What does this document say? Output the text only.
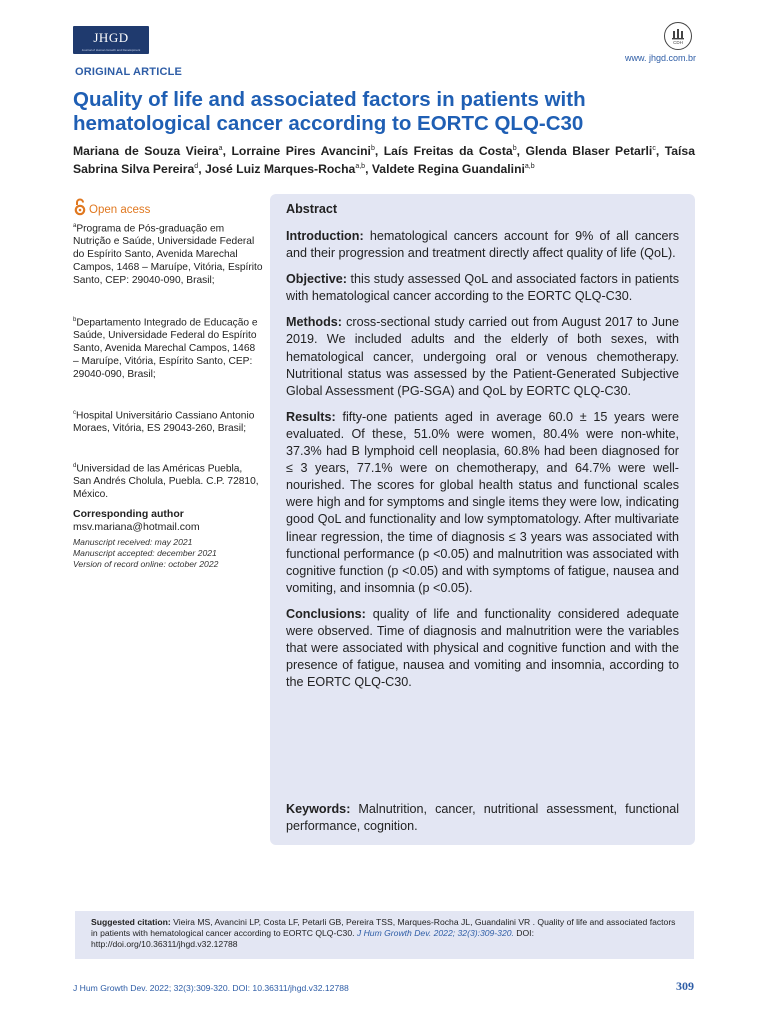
JHGD
Journal of Human Growth and Development
CDH
www. jhgd.com.br
ORIGINAL ARTICLE
Quality of life and associated factors in patients with hematological cancer according to EORTC QLQ-C30
Mariana de Souza Vieira$^a$, Lorraine Pires Avancini$^b$, Laís Freitas da Costa$^b$, Glenda Blaser Petarli$^c$, Taísa Sabrina Silva Pereira$^d$, José Luiz Marques-Rocha$^{a,b}$, Valdete Regina Guandalini$^{a,b}$
Open acess
$^a$Programa de Pós-graduação em Nutrição e Saúde, Universidade Federal do Espírito Santo, Avenida Marechal Campos, 1468 – Maruípe, Vitória, Espírito Santo, CEP: 29040-090, Brasil;
$^b$Departamento Integrado de Educação e Saúde, Universidade Federal do Espírito Santo, Avenida Marechal Campos, 1468 – Maruípe, Vitória, Espírito Santo, CEP: 29040-090, Brasil;
$^c$Hospital Universitário Cassiano Antonio Moraes, Vitória, ES 29043-260, Brasil;
$^d$Universidad de las Américas Puebla, San Andrés Cholula, Puebla. C.P. 72810, México.
Corresponding author
msv.mariana@hotmail.com
Manuscript received: may 2021
Manuscript accepted: december 2021
Version of record online: october 2022
Abstract

Introduction: hematological cancers account for 9% of all cancers and their progression and treatment directly affect quality of life (QoL).

Objective: this study assessed QoL and associated factors in patients with hematological cancer according to the EORTC QLQ-C30.

Methods: cross-sectional study carried out from August 2017 to June 2019. We included adults and the elderly of both sexes, with hematological cancer, undergoing oral or venous chemotherapy. Nutritional status was assessed by the Patient-Generated Subjective Global Assessment (PG-SGA) and QoL by EORTC QLQ-C30.

Results: fifty-one patients aged in average 60.0 ± 15 years were evaluated. Of these, 51.0% were women, 80.4% were non-white, 37.3% had B lymphoid cell neoplasia, 60.8% had been diagnosed for ≤ 3 years, 77.1% were on chemotherapy, and 64.7% were well- nourished. The scores for global health status and functional scales were high and for symptoms and single items they were low, indicating good QoL and functionality and low symptomatology. After multivariate linear regression, the time of diagnosis ≤ 3 years was associated with functional performance (p <0.05) and malnutrition was associated with cognitive function (p <0.05) and with symptoms of fatigue, nausea and vomiting, and insomnia (p <0.05).

Conclusions: quality of life and functionality considered adequate were observed. Time of diagnosis and malnutrition were the variables that were associated with physical and cognitive function and with the presence of fatigue, nausea and vomiting and insomnia, according to the EORTC QLQ-C30.

Keywords: Malnutrition, cancer, nutritional assessment, functional performance, cognition.

Suggested citation: Vieira MS, Avancini LP, Costa LF, Petarli GB, Pereira TSS, Marques-Rocha JL, Guandalini VR . Quality of life and associated factors in patients with hematological cancer according to EORTC QLQ-C30. J Hum Growth Dev. 2022; 32(3):309-320. DOI: http://doi.org/10.36311/jhgd.v32.12788
J Hum Growth Dev. 2022; 32(3):309-320. DOI: 10.36311/jhgd.v32.12788	309
